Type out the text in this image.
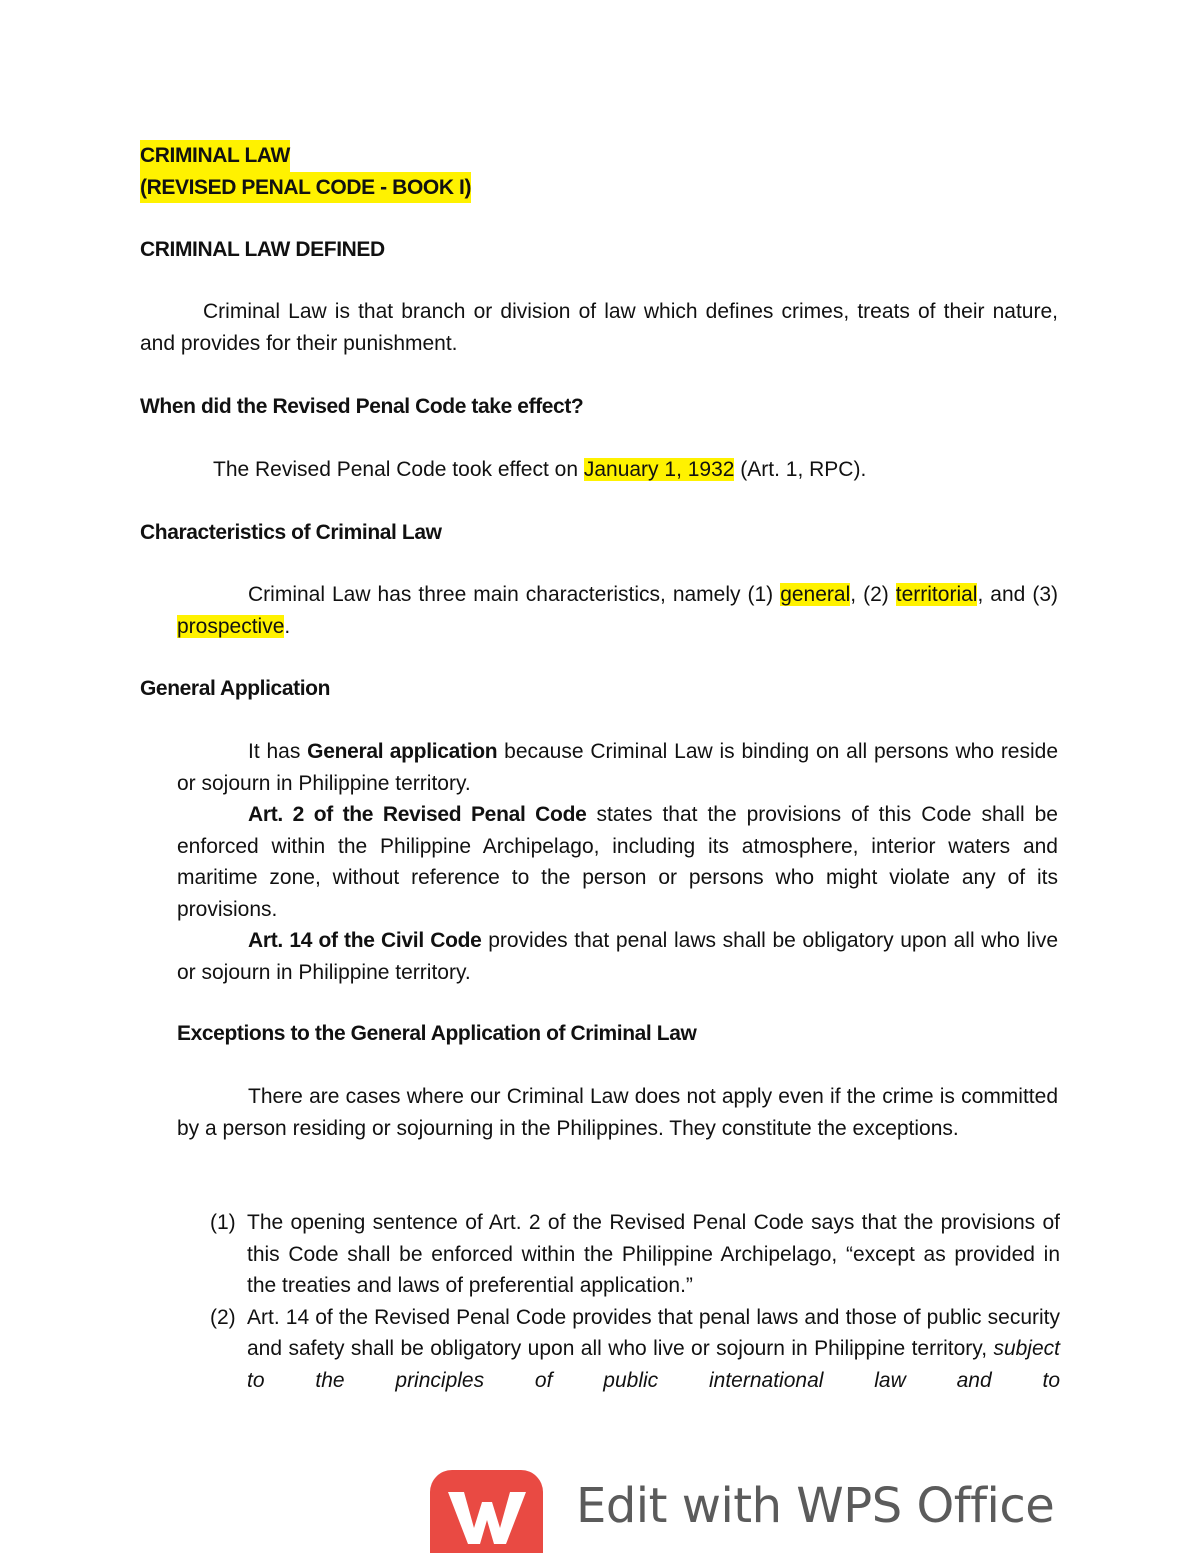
CRIMINAL LAW
(REVISED PENAL CODE - BOOK I)
CRIMINAL LAW DEFINED
Criminal Law is that branch or division of law which defines crimes, treats of their nature, and provides for their punishment.
When did the Revised Penal Code take effect?
The Revised Penal Code took effect on January 1, 1932 (Art. 1, RPC).
Characteristics of Criminal Law
Criminal Law has three main characteristics, namely (1) general, (2) territorial, and (3) prospective.
General Application
It has General application because Criminal Law is binding on all persons who reside or sojourn in Philippine territory.
Art. 2 of the Revised Penal Code states that the provisions of this Code shall be enforced within the Philippine Archipelago, including its atmosphere, interior waters and maritime zone, without reference to the person or persons who might violate any of its provisions.
Art. 14 of the Civil Code provides that penal laws shall be obligatory upon all who live or sojourn in Philippine territory.
Exceptions to the General Application of Criminal Law
There are cases where our Criminal Law does not apply even if the crime is committed by a person residing or sojourning in the Philippines. They constitute the exceptions.
(1) The opening sentence of Art. 2 of the Revised Penal Code says that the provisions of this Code shall be enforced within the Philippine Archipelago, “except as provided in the treaties and laws of preferential application.”
(2) Art. 14 of the Revised Penal Code provides that penal laws and those of public security and safety shall be obligatory upon all who live or sojourn in Philippine territory, subject to the principles of public international law and to
Edit with WPS Office
